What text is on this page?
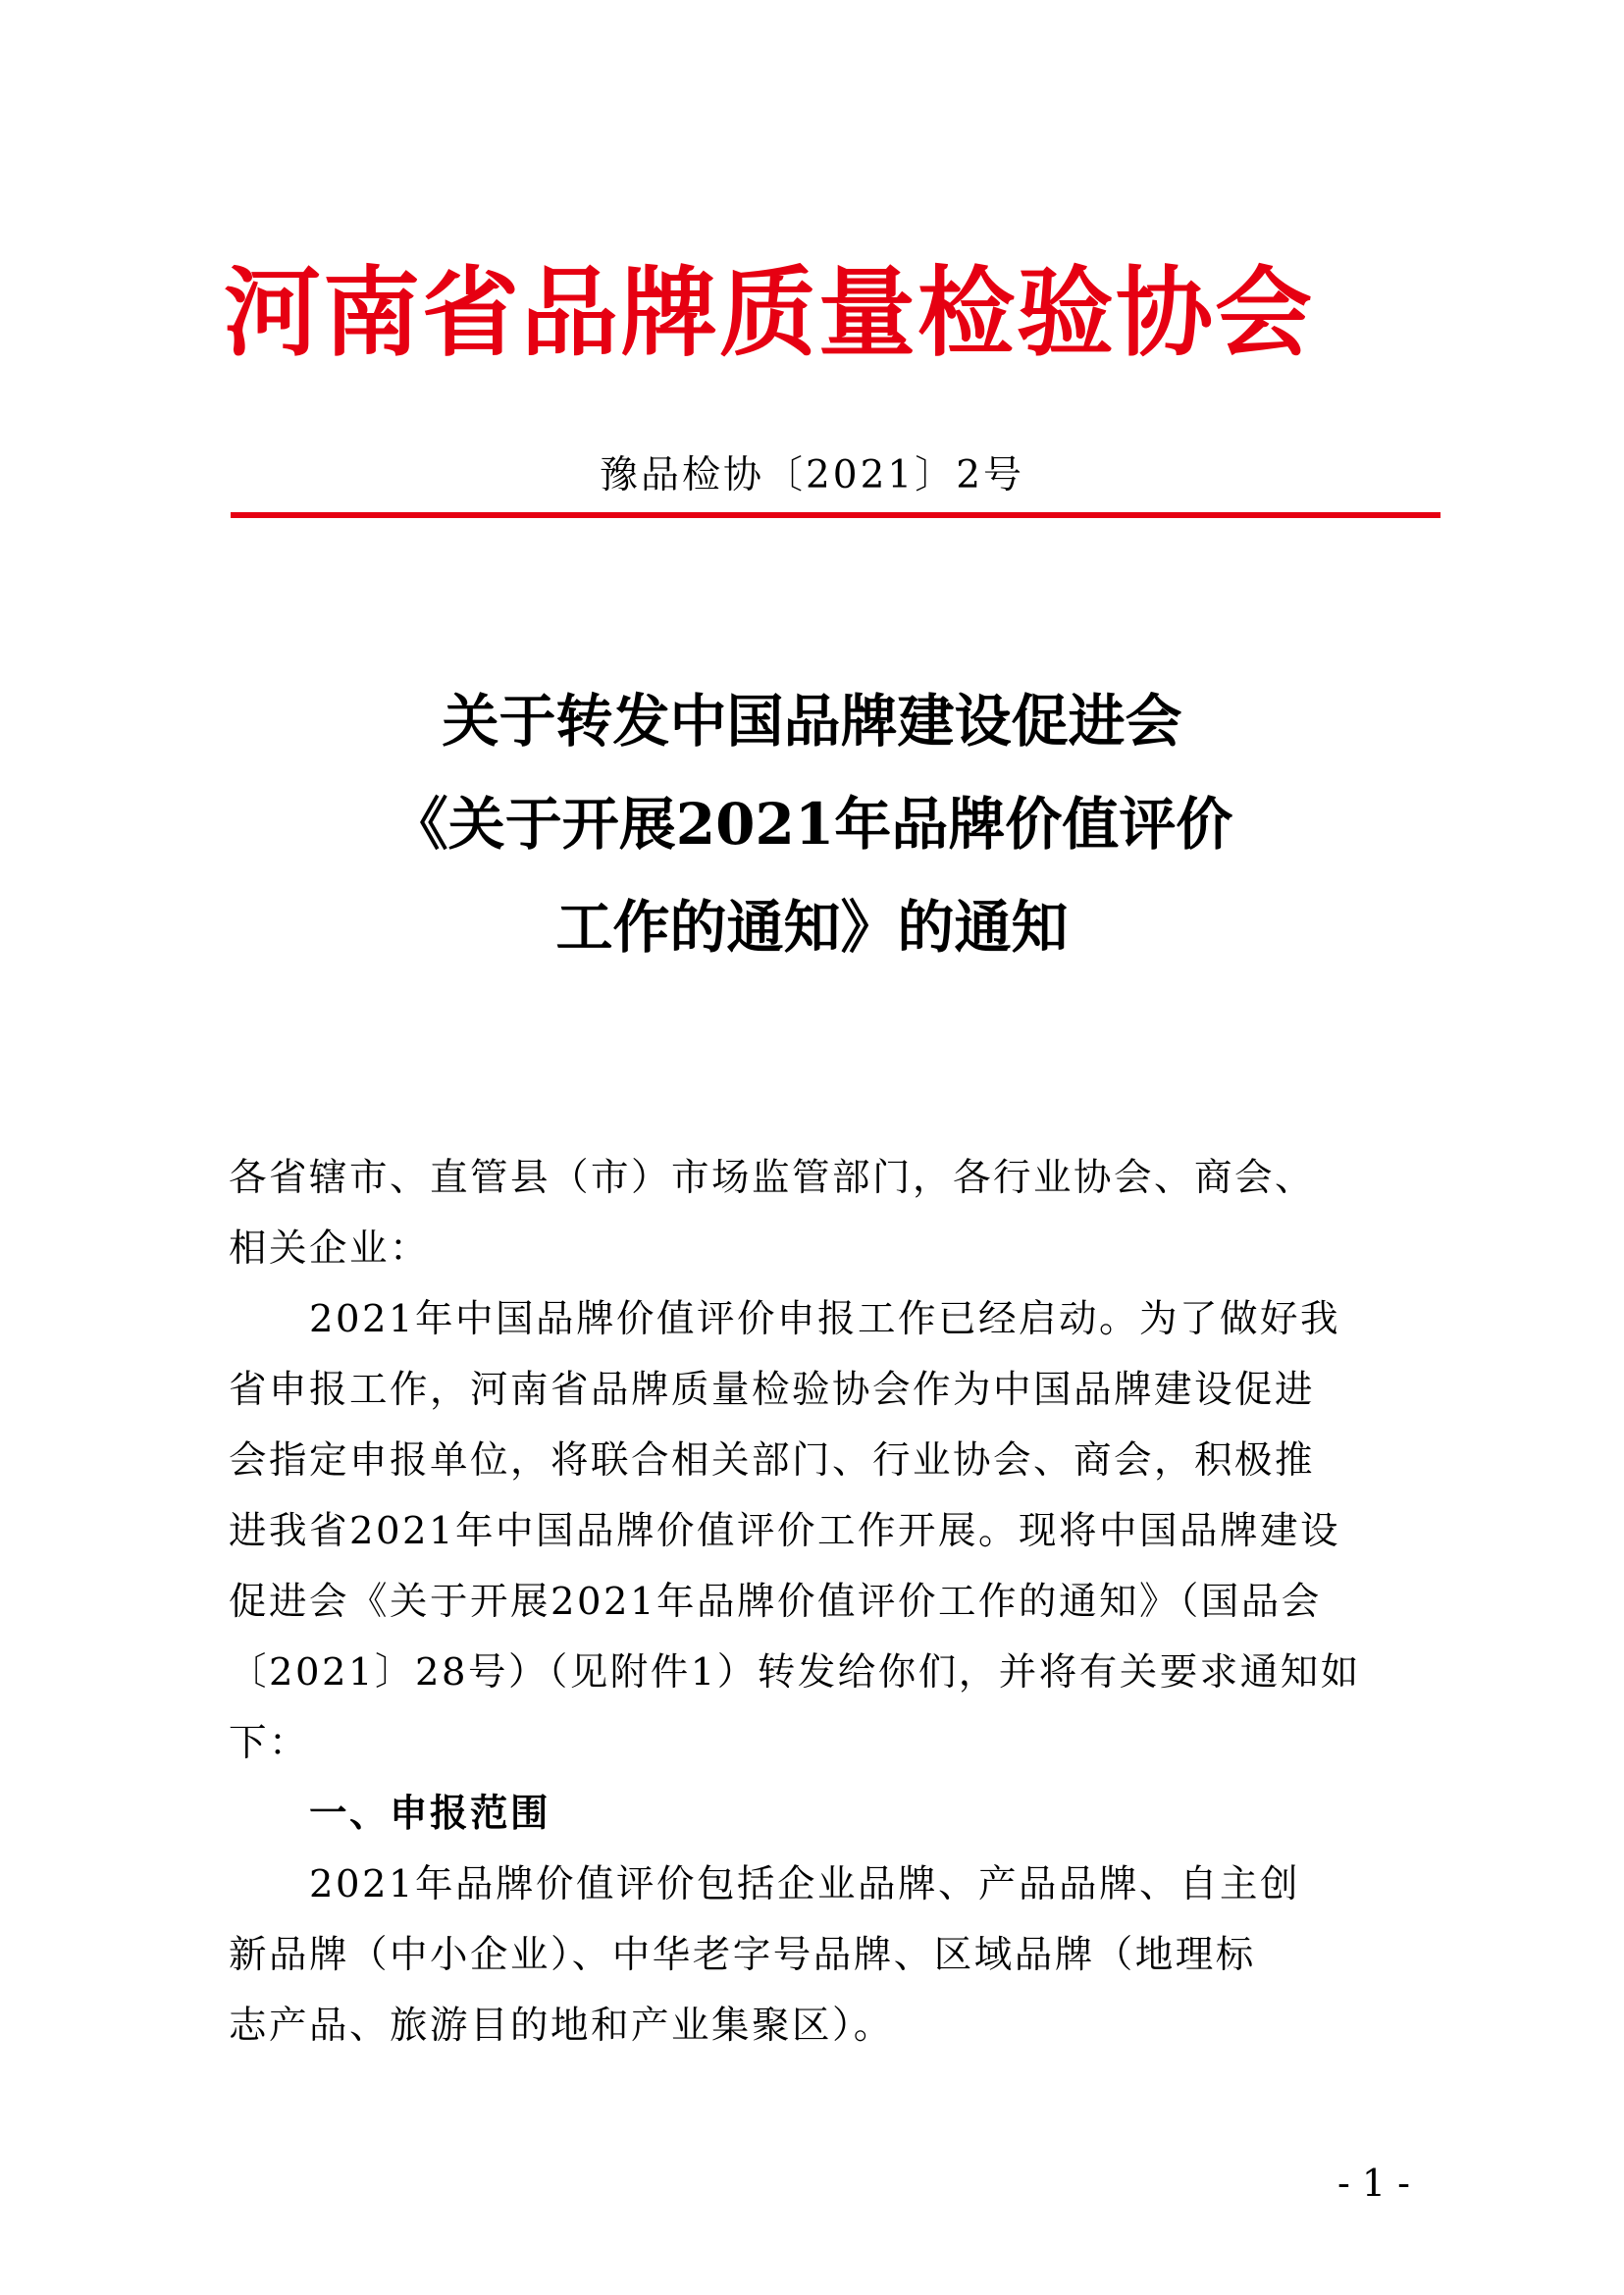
河南省品牌质量检验协会
豫品检协〔2021〕2号
关于转发中国品牌建设促进会
《关于开展2021年品牌价值评价
工作的通知》的通知
各省辖市、直管县（市）市场监管部门，各行业协会、商会、
相关企业：
　　2021年中国品牌价值评价申报工作已经启动。为了做好我
省申报工作，河南省品牌质量检验协会作为中国品牌建设促进
会指定申报单位，将联合相关部门、行业协会、商会，积极推
进我省2021年中国品牌价值评价工作开展。现将中国品牌建设
促进会《关于开展2021年品牌价值评价工作的通知》（国品会
〔2021〕28号）（见附件1）转发给你们，并将有关要求通知如
下：
　　一、申报范围
　　2021年品牌价值评价包括企业品牌、产品品牌、自主创
新品牌（中小企业）、中华老字号品牌、区域品牌（地理标
志产品、旅游目的地和产业集聚区）。
- 1 -
